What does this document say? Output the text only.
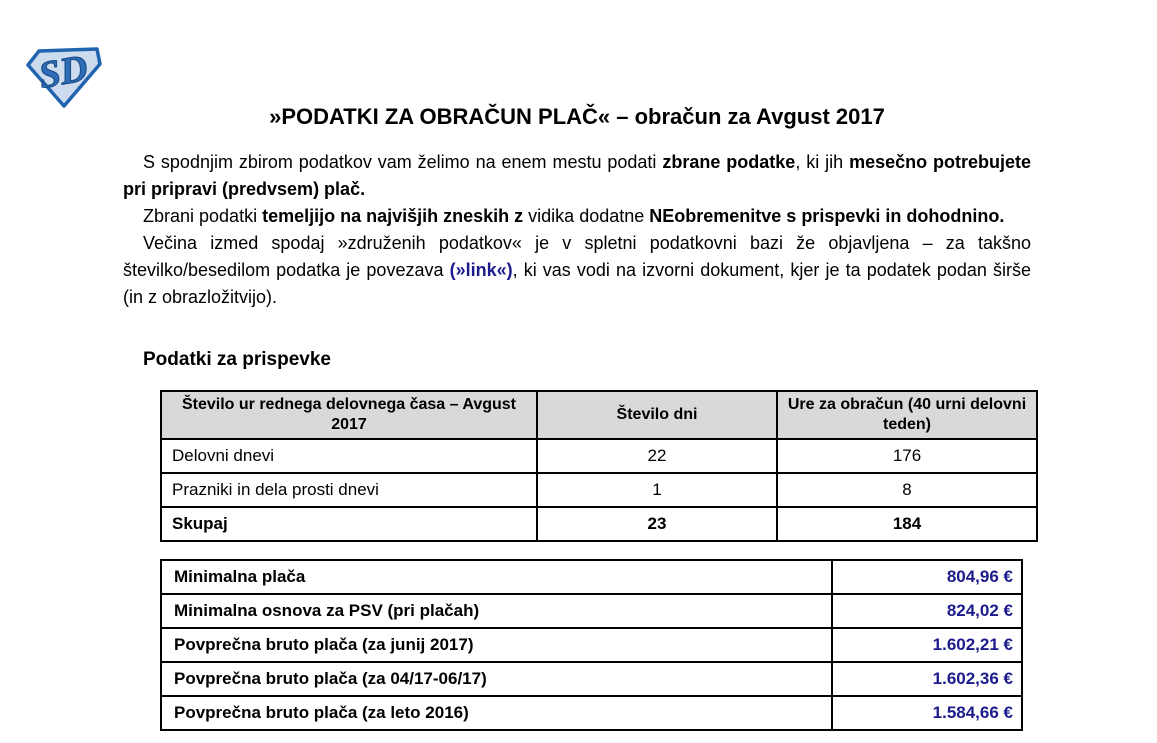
SD
»PODATKI ZA OBRAČUN PLAČ« – obračun za Avgust 2017

S spodnjim zbirom podatkov vam želimo na enem mestu podati zbrane podatke, ki jih mesečno potrebujete pri pripravi (predvsem) plač.

Zbrani podatki temeljijo na najvišjih zneskih z vidika dodatne NEobremenitve s prispevki in dohodnino.

Večina izmed spodaj »združenih podatkov« je v spletni podatkovni bazi že objavljena – za takšno številko/besedilom podatka je povezava (»link«), ki vas vodi na izvorni dokument, kjer je ta podatek podan širše (in z obrazložitvijo).

Podatki za prispevke
Število ur rednega delovnega časa – Avgust 2017	Število dni	Ure za obračun (40 urni delovni teden)
Delovni dnevi	22	176
Prazniki in dela prosti dnevi	1	8
Skupaj	23	184
Minimalna plača	804,96 €
Minimalna osnova za PSV (pri plačah)	824,02 €
Povprečna bruto plača (za junij 2017)	1.602,21 €
Povprečna bruto plača (za 04/17-06/17)	1.602,36 €
Povprečna bruto plača (za leto 2016)	1.584,66 €
